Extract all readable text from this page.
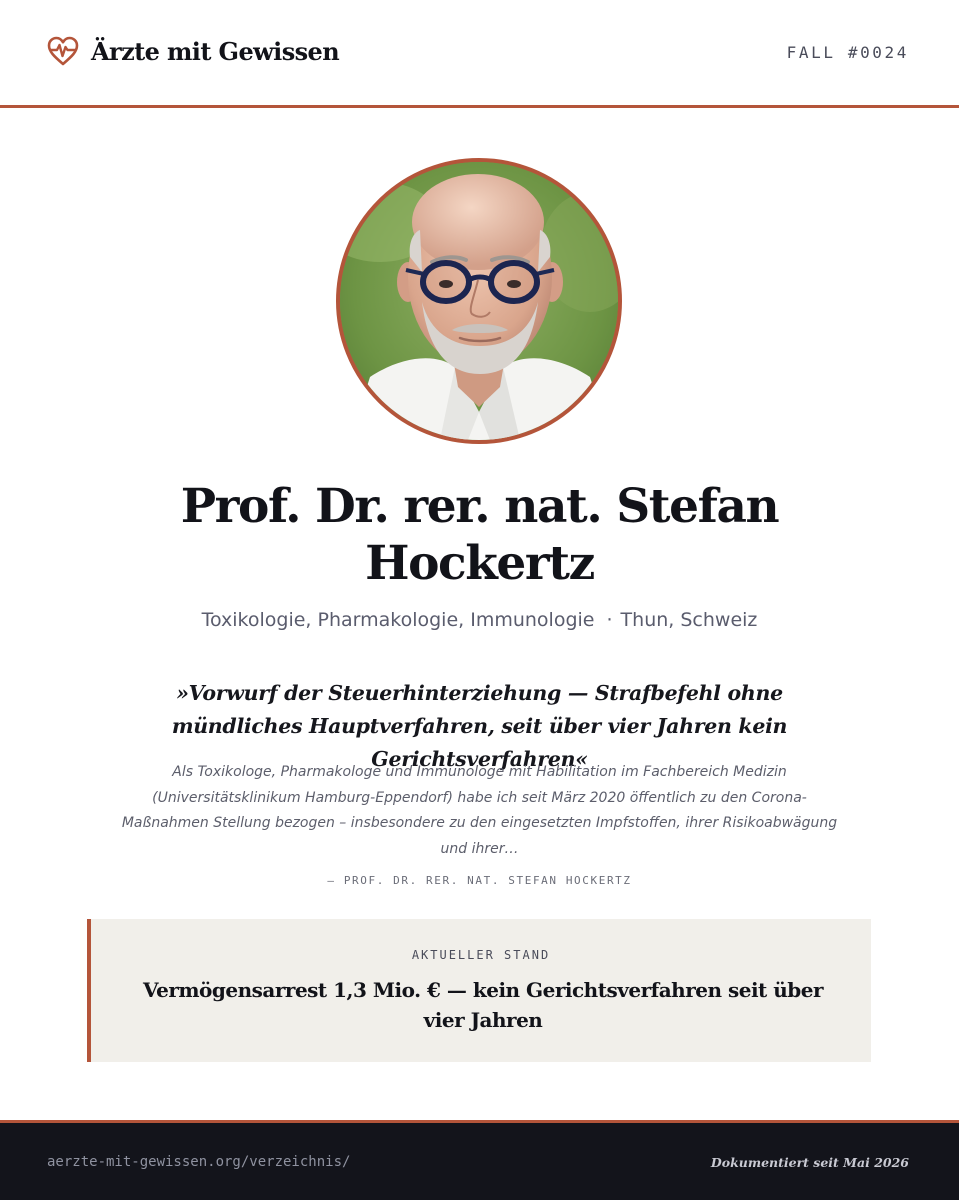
Ärzte mit Gewissen	FALL #0024
Prof. Dr. rer. nat. Stefan Hockertz
Toxikologie, Pharmakologie, Immunologie · Thun, Schweiz
»Vorwurf der Steuerhinterziehung — Strafbefehl ohne mündliches Hauptverfahren, seit über vier Jahren kein Gerichtsverfahren«

Als Toxikologe, Pharmakologe und Immunologe mit Habilitation im Fachbereich Medizin (Universitätsklinikum Hamburg-Eppendorf) habe ich seit März 2020 öffentlich zu den Corona-Maßnahmen Stellung bezogen – insbesondere zu den eingesetzten Impfstoffen, ihrer Risikoabwägung und ihrer…

— PROF. DR. RER. NAT. STEFAN HOCKERTZ
AKTUELLER STAND
Vermögensarrest 1,3 Mio. € — kein Gerichtsverfahren seit über vier Jahren
aerzte-mit-gewissen.org/verzeichnis/	Dokumentiert seit Mai 2026
